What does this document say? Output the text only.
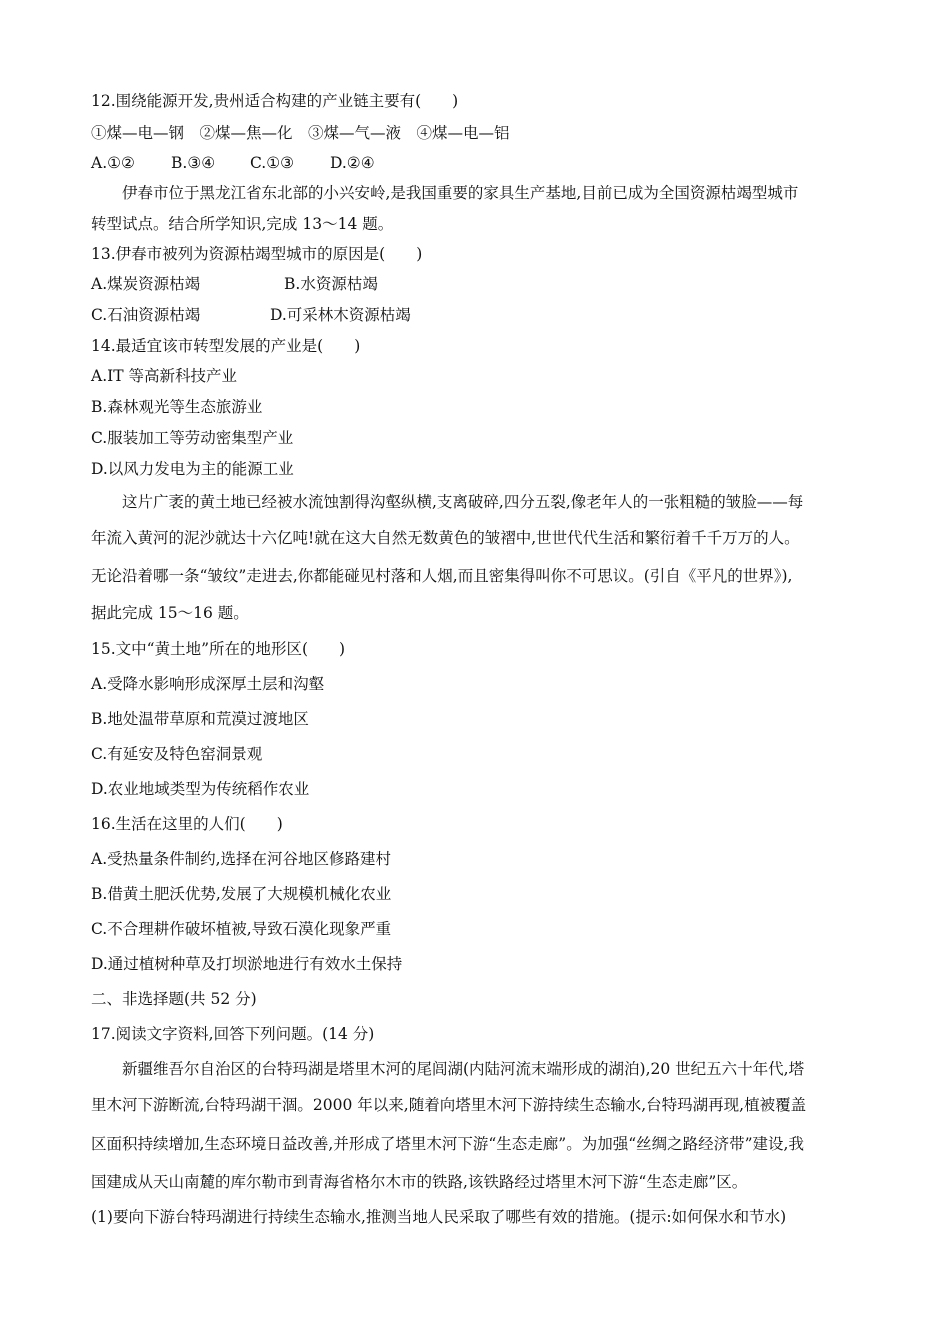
12.围绕能源开发,贵州适合构建的产业链主要有(　　)
①煤—电—钢　②煤—焦—化　③煤—气—液　④煤—电—铝
A.①② B.③④ C.①③ D.②④
伊春市位于黑龙江省东北部的小兴安岭,是我国重要的家具生产基地,目前已成为全国资源枯竭型城市
转型试点。结合所学知识,完成 13～14 题。
13.伊春市被列为资源枯竭型城市的原因是(　　)
A.煤炭资源枯竭	B.水资源枯竭
C.石油资源枯竭	D.可采林木资源枯竭
14.最适宜该市转型发展的产业是(　　)
A.IT 等高新科技产业
B.森林观光等生态旅游业
C.服装加工等劳动密集型产业
D.以风力发电为主的能源工业
这片广袤的黄土地已经被水流蚀割得沟壑纵横,支离破碎,四分五裂,像老年人的一张粗糙的皱脸——每
年流入黄河的泥沙就达十六亿吨!就在这大自然无数黄色的皱褶中,世世代代生活和繁衍着千千万万的人。
无论沿着哪一条“皱纹”走进去,你都能碰见村落和人烟,而且密集得叫你不可思议。(引自《平凡的世界》),
据此完成 15～16 题。
15.文中“黄土地”所在的地形区(　　)
A.受降水影响形成深厚土层和沟壑
B.地处温带草原和荒漠过渡地区
C.有延安及特色窑洞景观
D.农业地域类型为传统稻作农业
16.生活在这里的人们(　　)
A.受热量条件制约,选择在河谷地区修路建村
B.借黄土肥沃优势,发展了大规模机械化农业
C.不合理耕作破坏植被,导致石漠化现象严重
D.通过植树种草及打坝淤地进行有效水土保持
二、非选择题(共 52 分)
17.阅读文字资料,回答下列问题。(14 分)
新疆维吾尔自治区的台特玛湖是塔里木河的尾闾湖(内陆河流末端形成的湖泊),20 世纪五六十年代,塔
里木河下游断流,台特玛湖干涸。2000 年以来,随着向塔里木河下游持续生态输水,台特玛湖再现,植被覆盖
区面积持续增加,生态环境日益改善,并形成了塔里木河下游“生态走廊”。为加强“丝绸之路经济带”建设,我
国建成从天山南麓的库尔勒市到青海省格尔木市的铁路,该铁路经过塔里木河下游“生态走廊”区。
(1)要向下游台特玛湖进行持续生态输水,推测当地人民采取了哪些有效的措施。(提示:如何保水和节水)
